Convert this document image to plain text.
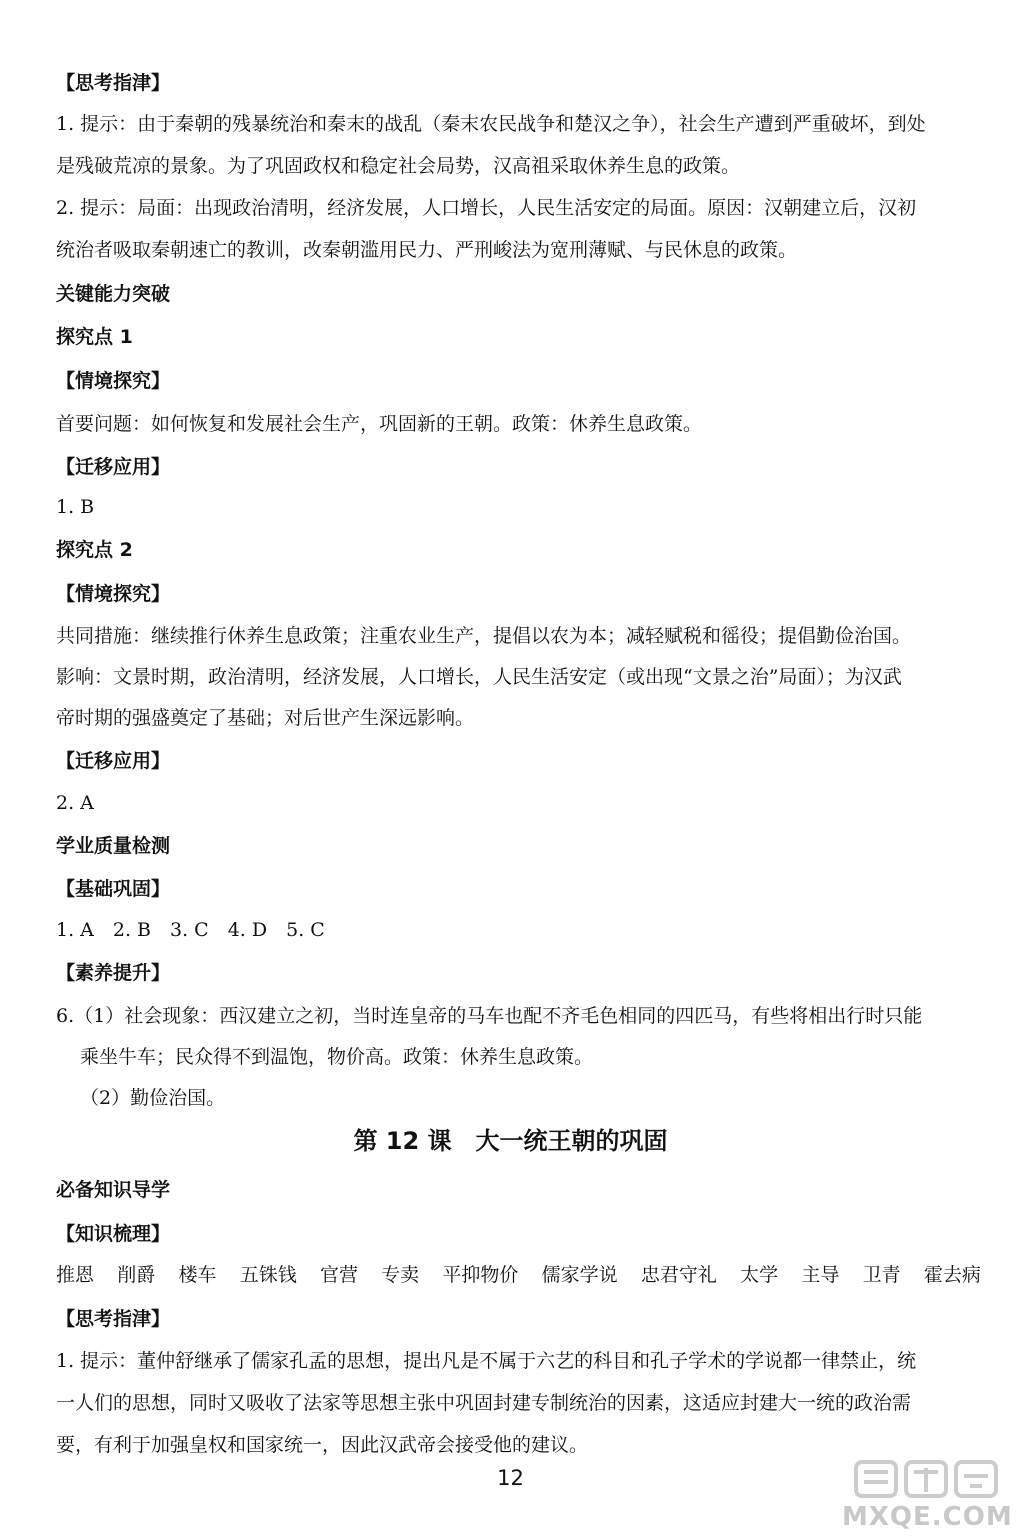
【思考指津】
1. 提示：由于秦朝的残暴统治和秦末的战乱（秦末农民战争和楚汉之争），社会生产遭到严重破坏，到处
是残破荒凉的景象。为了巩固政权和稳定社会局势，汉高祖采取休养生息的政策。
2. 提示：局面：出现政治清明，经济发展，人口增长，人民生活安定的局面。原因：汉朝建立后，汉初
统治者吸取秦朝速亡的教训，改秦朝滥用民力、严刑峻法为宽刑薄赋、与民休息的政策。
关键能力突破
探究点 1
【情境探究】
首要问题：如何恢复和发展社会生产，巩固新的王朝。政策：休养生息政策。
【迁移应用】
1. B
探究点 2
【情境探究】
共同措施：继续推行休养生息政策；注重农业生产，提倡以农为本；减轻赋税和徭役；提倡勤俭治国。
影响：文景时期，政治清明，经济发展，人口增长，人民生活安定（或出现“文景之治”局面）；为汉武
帝时期的强盛奠定了基础；对后世产生深远影响。
【迁移应用】
2. A
学业质量检测
【基础巩固】
1. A　2. B　3. C　4. D　5. C
【素养提升】
6.（1）社会现象：西汉建立之初，当时连皇帝的马车也配不齐毛色相同的四匹马，有些将相出行时只能
乘坐牛车；民众得不到温饱，物价高。政策：休养生息政策。
（2）勤俭治国。
第 12 课　大一统王朝的巩固
必备知识导学
【知识梳理】
推恩 削爵 楼车 五铢钱 官营 专卖 平抑物价 儒家学说 忠君守礼 太学 主导 卫青 霍去病
【思考指津】
1. 提示：董仲舒继承了儒家孔孟的思想，提出凡是不属于六艺的科目和孔子学术的学说都一律禁止，统
一人们的思想，同时又吸收了法家等思想主张中巩固封建专制统治的因素，这适应封建大一统的政治需
要，有利于加强皇权和国家统一，因此汉武帝会接受他的建议。
12
MXQE.COM
